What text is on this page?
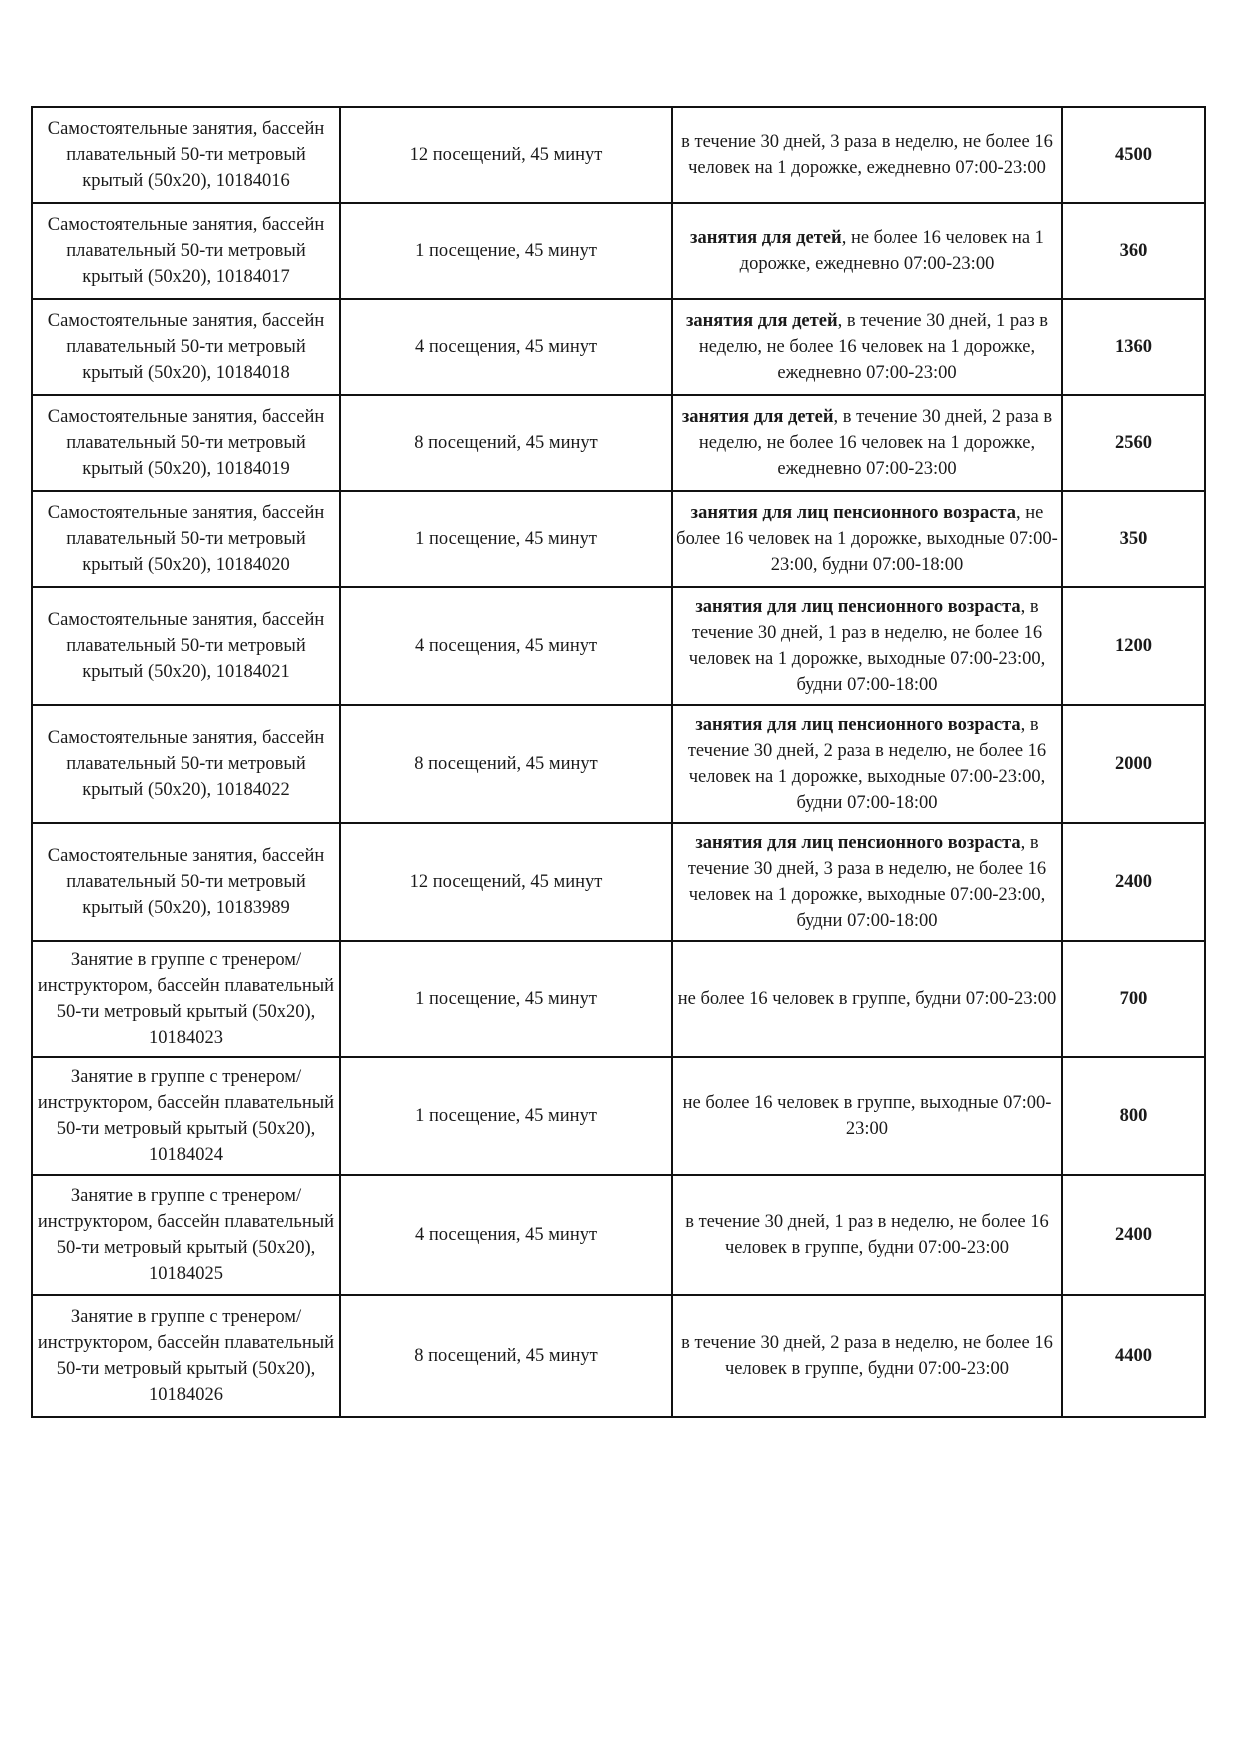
Самостоятельные занятия, бассейн плавательный 50-ти метровый крытый (50х20), 10184016	12 посещений, 45 минут	в течение 30 дней, 3 раза в неделю, не более 16 человек на 1 дорожке, ежедневно 07:00-23:00	4500
Самостоятельные занятия, бассейн плавательный 50-ти метровый крытый (50х20), 10184017	1 посещение, 45 минут	занятия для детей, не более 16 человек на 1 дорожке, ежедневно 07:00-23:00	360
Самостоятельные занятия, бассейн плавательный 50-ти метровый крытый (50х20), 10184018	4 посещения, 45 минут	занятия для детей, в течение 30 дней, 1 раз в неделю, не более 16 человек на 1 дорожке, ежедневно 07:00-23:00	1360
Самостоятельные занятия, бассейн плавательный 50-ти метровый крытый (50х20), 10184019	8 посещений, 45 минут	занятия для детей, в течение 30 дней, 2 раза в неделю, не более 16 человек на 1 дорожке, ежедневно 07:00-23:00	2560
Самостоятельные занятия, бассейн плавательный 50-ти метровый крытый (50х20), 10184020	1 посещение, 45 минут	занятия для лиц пенсионного возраста, не более 16 человек на 1 дорожке, выходные 07:00-23:00, будни 07:00-18:00	350
Самостоятельные занятия, бассейн плавательный 50-ти метровый крытый (50х20), 10184021	4 посещения, 45 минут	занятия для лиц пенсионного возраста, в течение 30 дней, 1 раз в неделю, не более 16 человек на 1 дорожке, выходные 07:00-23:00, будни 07:00-18:00	1200
Самостоятельные занятия, бассейн плавательный 50-ти метровый крытый (50х20), 10184022	8 посещений, 45 минут	занятия для лиц пенсионного возраста, в течение 30 дней, 2 раза в неделю, не более 16 человек на 1 дорожке, выходные 07:00-23:00, будни 07:00-18:00	2000
Самостоятельные занятия, бассейн плавательный 50-ти метровый крытый (50х20), 10183989	12 посещений, 45 минут	занятия для лиц пенсионного возраста, в течение 30 дней, 3 раза в неделю, не более 16 человек на 1 дорожке, выходные 07:00-23:00, будни 07:00-18:00	2400
Занятие в группе с тренером/инструктором, бассейн плавательный 50-ти метровый крытый (50х20), 10184023	1 посещение, 45 минут	не более 16 человек в группе, будни 07:00-23:00	700
Занятие в группе с тренером/инструктором, бассейн плавательный 50-ти метровый крытый (50х20), 10184024	1 посещение, 45 минут	не более 16 человек в группе, выходные 07:00-23:00	800
Занятие в группе с тренером/инструктором, бассейн плавательный 50-ти метровый крытый (50х20), 10184025	4 посещения, 45 минут	в течение 30 дней, 1 раз в неделю, не более 16 человек в группе, будни 07:00-23:00	2400
Занятие в группе с тренером/инструктором, бассейн плавательный 50-ти метровый крытый (50х20), 10184026	8 посещений, 45 минут	в течение 30 дней, 2 раза в неделю, не более 16 человек в группе, будни 07:00-23:00	4400
